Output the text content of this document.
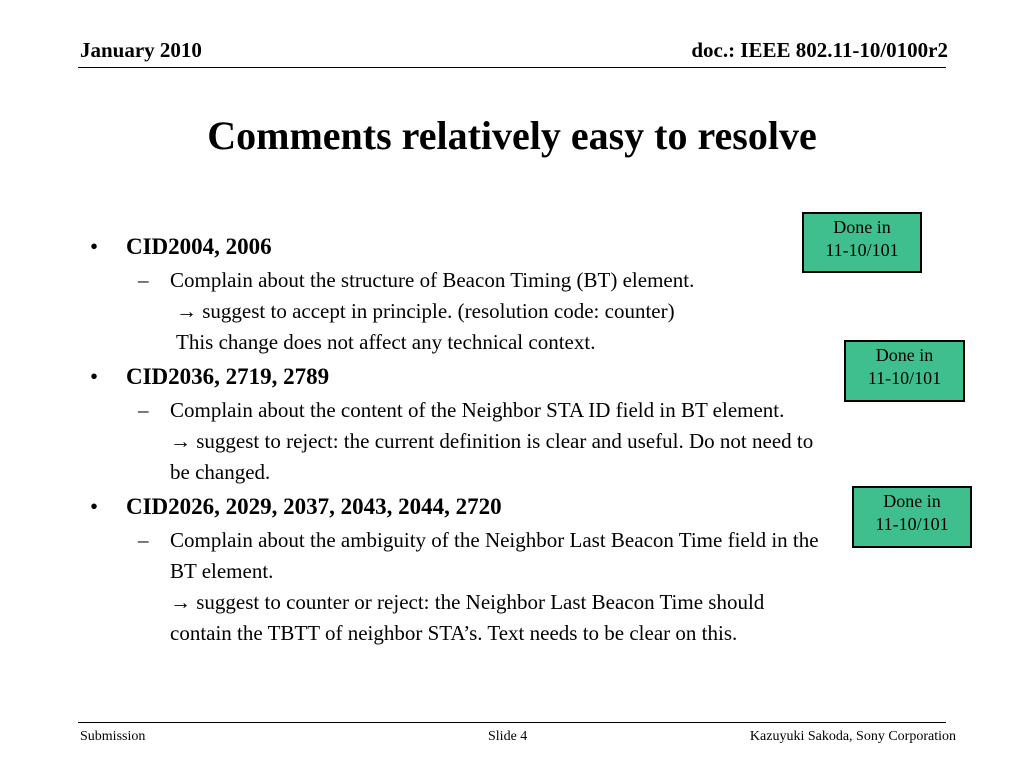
January 2010	doc.: IEEE 802.11-10/0100r2
Comments relatively easy to resolve
• CID2004, 2006
– Complain about the structure of Beacon Timing (BT) element.
→ suggest to accept in principle. (resolution code: counter)
This change does not affect any technical context.
• CID2036, 2719, 2789
– Complain about the content of the Neighbor STA ID field in BT element.
→ suggest to reject: the current definition is clear and useful. Do not need to
be changed.
• CID2026, 2029, 2037, 2043, 2044, 2720
– Complain about the ambiguity of the Neighbor Last Beacon Time field in the
BT element.
→ suggest to counter or reject: the Neighbor Last Beacon Time should
contain the TBTT of neighbor STA’s. Text needs to be clear on this.
Done in
11-10/101
Done in
11-10/101
Done in
11-10/101
Submission	Slide 4	Kazuyuki Sakoda, Sony Corporation
